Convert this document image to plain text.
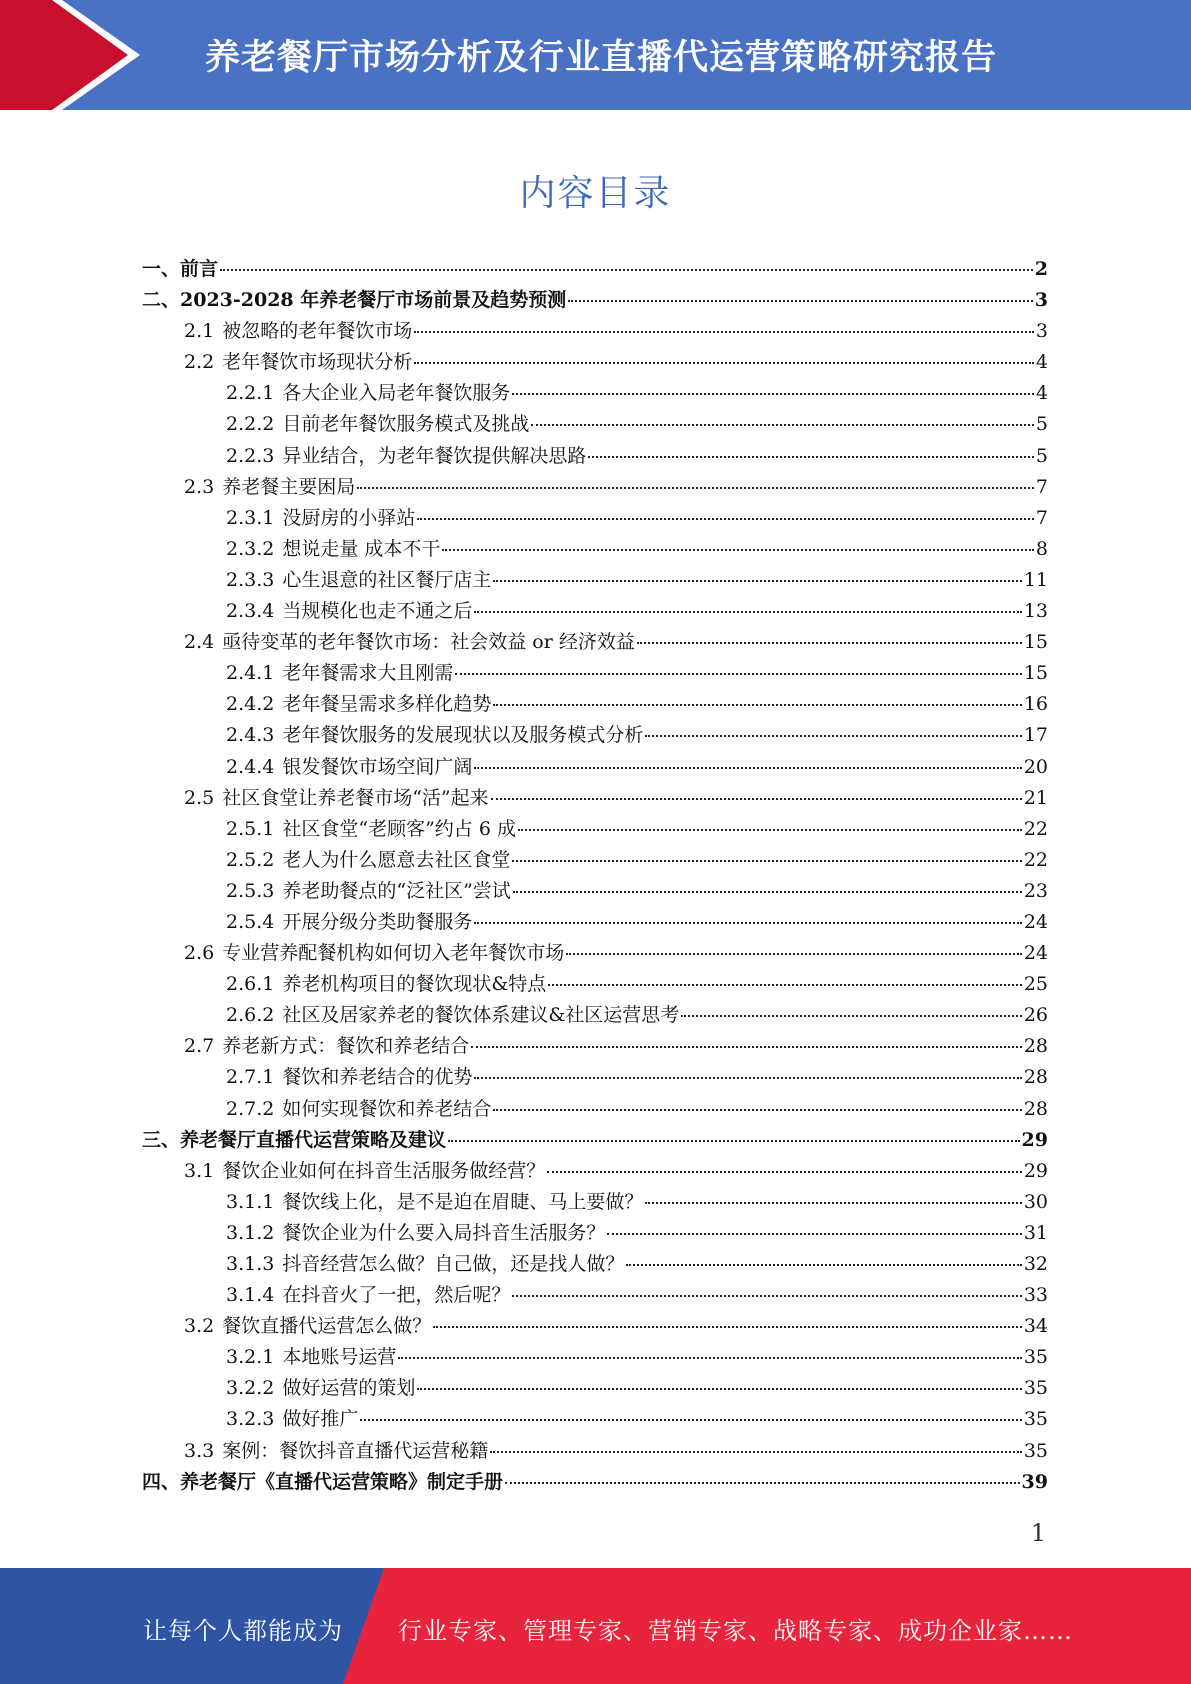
养老餐厅市场分析及行业直播代运营策略研究报告
内容目录
一、前言	2
二、2023-2028 年养老餐厅市场前景及趋势预测	3
2.1 被忽略的老年餐饮市场	3
2.2 老年餐饮市场现状分析	4
2.2.1 各大企业入局老年餐饮服务	4
2.2.2 目前老年餐饮服务模式及挑战	5
2.2.3 异业结合，为老年餐饮提供解决思路	5
2.3 养老餐主要困局	7
2.3.1 没厨房的小驿站	7
2.3.2 想说走量 成本不干	8
2.3.3 心生退意的社区餐厅店主	11
2.3.4 当规模化也走不通之后	13
2.4 亟待变革的老年餐饮市场：社会效益 or 经济效益	15
2.4.1 老年餐需求大且刚需	15
2.4.2 老年餐呈需求多样化趋势	16
2.4.3 老年餐饮服务的发展现状以及服务模式分析	17
2.4.4 银发餐饮市场空间广阔	20
2.5 社区食堂让养老餐市场“活”起来	21
2.5.1 社区食堂“老顾客”约占 6 成	22
2.5.2 老人为什么愿意去社区食堂	22
2.5.3 养老助餐点的“泛社区”尝试	23
2.5.4 开展分级分类助餐服务	24
2.6 专业营养配餐机构如何切入老年餐饮市场	24
2.6.1 养老机构项目的餐饮现状&特点	25
2.6.2 社区及居家养老的餐饮体系建议&社区运营思考	26
2.7 养老新方式：餐饮和养老结合	28
2.7.1 餐饮和养老结合的优势	28
2.7.2 如何实现餐饮和养老结合	28
三、养老餐厅直播代运营策略及建议	29
3.1 餐饮企业如何在抖音生活服务做经营？	29
3.1.1 餐饮线上化，是不是迫在眉睫、马上要做？	30
3.1.2 餐饮企业为什么要入局抖音生活服务？	31
3.1.3 抖音经营怎么做？自己做，还是找人做？	32
3.1.4 在抖音火了一把，然后呢？	33
3.2 餐饮直播代运营怎么做？	34
3.2.1 本地账号运营	35
3.2.2 做好运营的策划	35
3.2.3 做好推广	35
3.3 案例：餐饮抖音直播代运营秘籍	35
四、养老餐厅《直播代运营策略》制定手册	39
1
让每个人都能成为 行业专家、管理专家、营销专家、战略专家、成功企业家……
